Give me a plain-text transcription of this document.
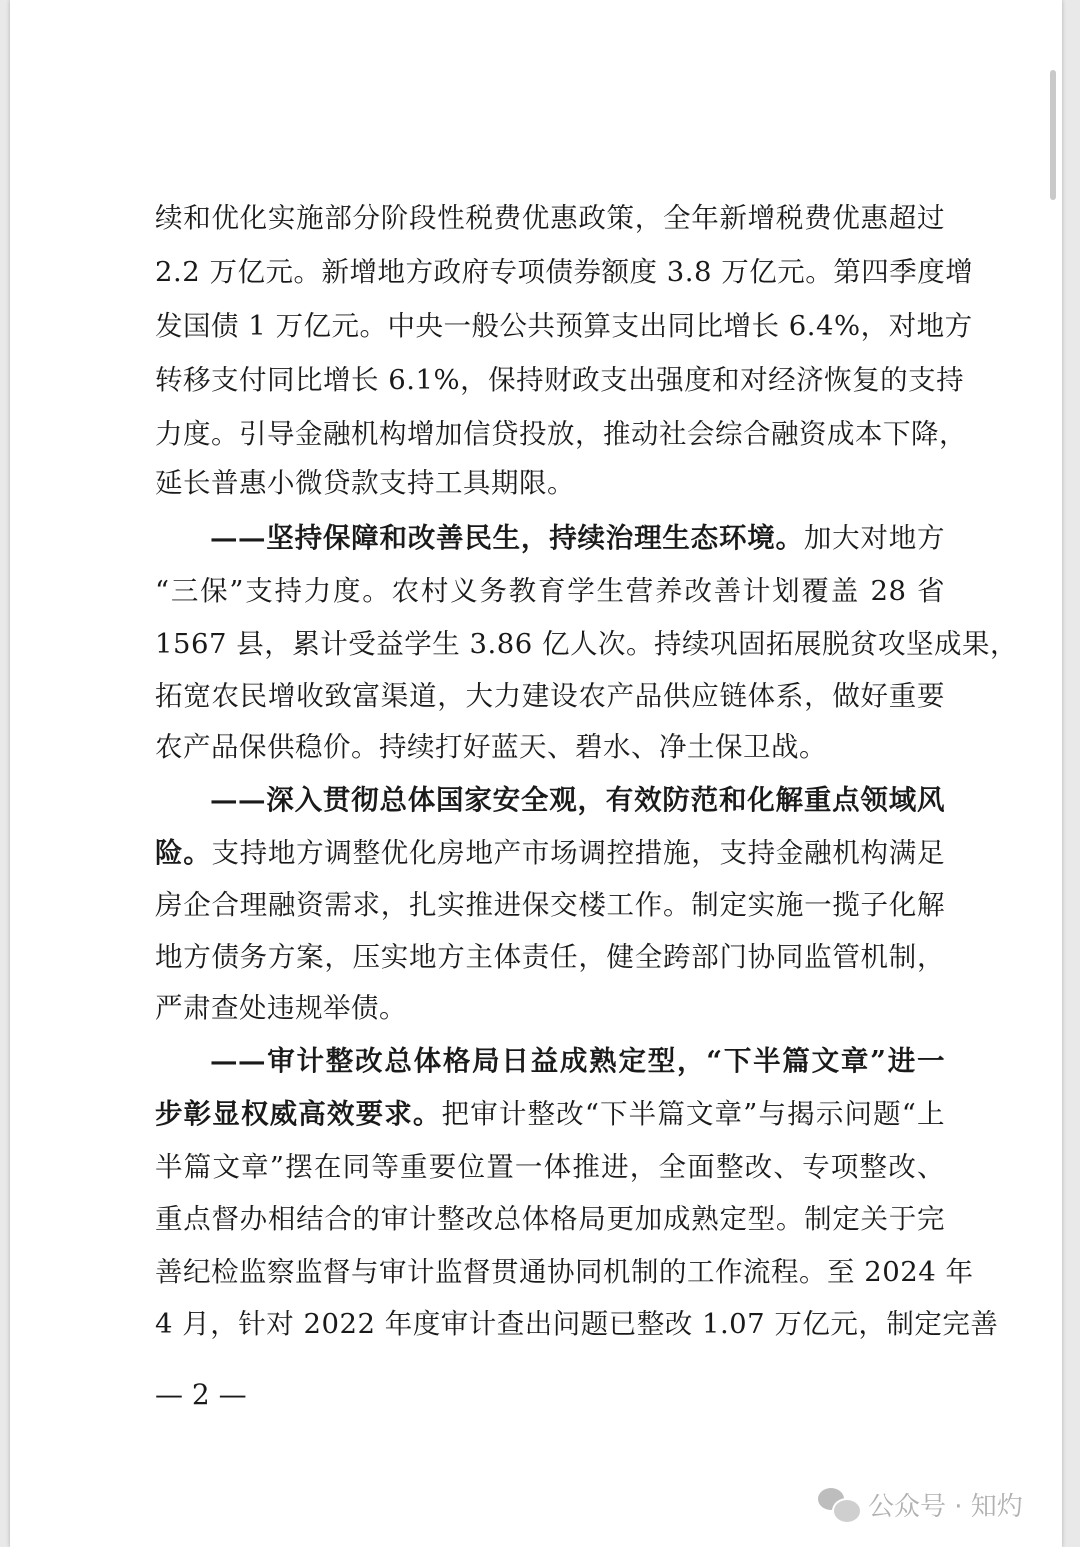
续和优化实施部分阶段性税费优惠政策，全年新增税费优惠超过
2.2 万亿元。新增地方政府专项债券额度 3.8 万亿元。第四季度增
发国债 1 万亿元。中央一般公共预算支出同比增长 6.4%，对地方
转移支付同比增长 6.1%，保持财政支出强度和对经济恢复的支持
力度。引导金融机构增加信贷投放，推动社会综合融资成本下降，
延长普惠小微贷款支持工具期限。
——坚持保障和改善民生，持续治理生态环境。加大对地方
“三保”支持力度。农村义务教育学生营养改善计划覆盖 28 省
1567 县，累计受益学生 3.86 亿人次。持续巩固拓展脱贫攻坚成果，
拓宽农民增收致富渠道，大力建设农产品供应链体系，做好重要
农产品保供稳价。持续打好蓝天、碧水、净土保卫战。
——深入贯彻总体国家安全观，有效防范和化解重点领域风
险。支持地方调整优化房地产市场调控措施，支持金融机构满足
房企合理融资需求，扎实推进保交楼工作。制定实施一揽子化解
地方债务方案，压实地方主体责任，健全跨部门协同监管机制，
严肃查处违规举债。
——审计整改总体格局日益成熟定型，“下半篇文章”进一
步彰显权威高效要求。把审计整改“下半篇文章”与揭示问题“上
半篇文章”摆在同等重要位置一体推进，全面整改、专项整改、
重点督办相结合的审计整改总体格局更加成熟定型。制定关于完
善纪检监察监督与审计监督贯通协同机制的工作流程。至 2024 年
4 月，针对 2022 年度审计查出问题已整改 1.07 万亿元，制定完善
— 2 —
公众号 · 知灼
